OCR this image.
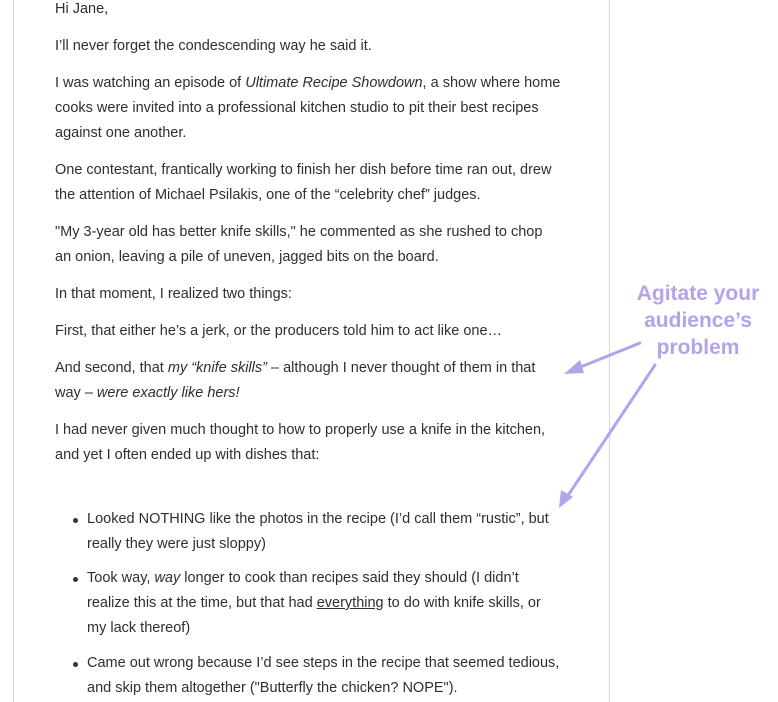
Hi Jane,

I’ll never forget the condescending way he said it.

I was watching an episode of Ultimate Recipe Showdown, a show where home
cooks were invited into a professional kitchen studio to pit their best recipes
against one another.

One contestant, frantically working to finish her dish before time ran out, drew
the attention of Michael Psilakis, one of the “celebrity chef” judges.

"My 3-year old has better knife skills," he commented as she rushed to chop
an onion, leaving a pile of uneven, jagged bits on the board.

In that moment, I realized two things:

First, that either he’s a jerk, or the producers told him to act like one…

And second, that my “knife skills” – although I never thought of them in that
way – were exactly like hers!

I had never given much thought to how to properly use a knife in the kitchen,
and yet I often ended up with dishes that:

Looked NOTHING like the photos in the recipe (I’d call them “rustic”, but
really they were just sloppy)
Took way, way longer to cook than recipes said they should (I didn’t
realize this at the time, but that had everything to do with knife skills, or
my lack thereof)
Came out wrong because I’d see steps in the recipe that seemed tedious,
and skip them altogether ("Butterfly the chicken? NOPE").
Agitate your
audience’s
problem
